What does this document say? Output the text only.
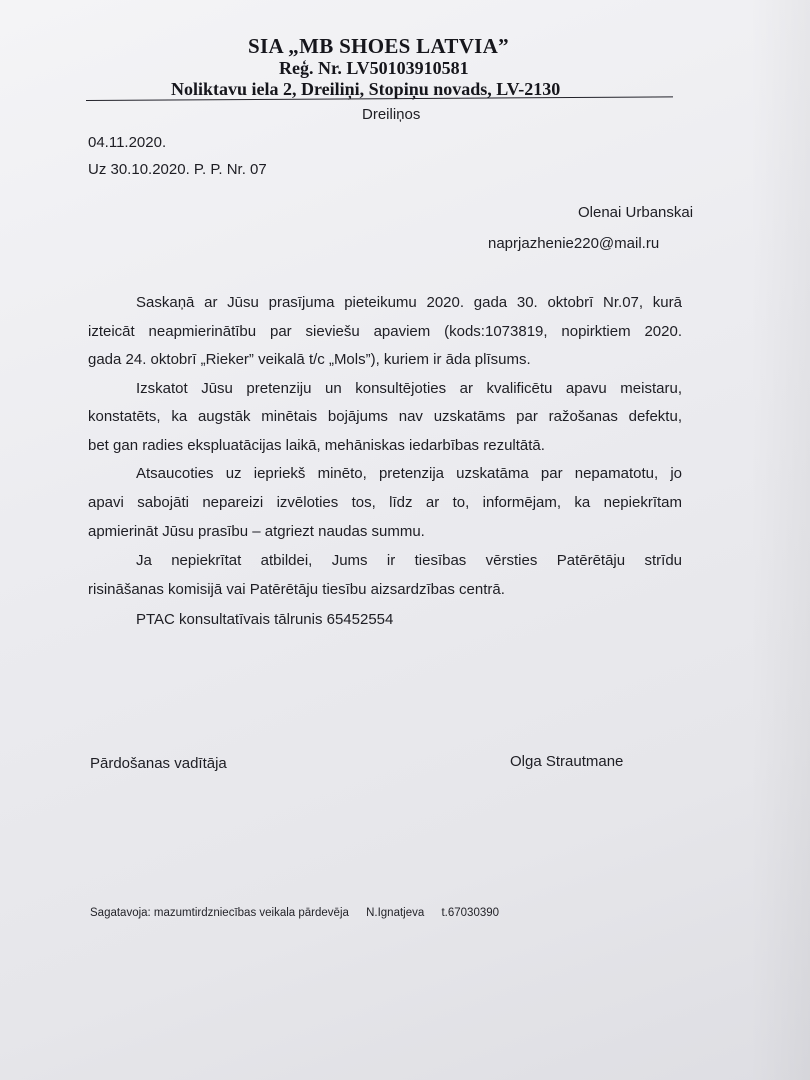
SIA „MB SHOES LATVIA”
Reģ. Nr. LV50103910581
Noliktavu iela 2, Dreiliņi, Stopiņu novads, LV-2130
Dreiliņos
04.11.2020.
Uz 30.10.2020. P. P. Nr. 07
Olenai Urbanskai
naprjazhenie220@mail.ru
Saskaņā ar Jūsu prasījuma pieteikumu 2020. gada 30. oktobrī Nr.07, kurā
izteicāt neapmierinātību par sieviešu apaviem (kods:1073819, nopirktiem 2020.
gada 24. oktobrī „Rieker” veikalā t/c „Mols”), kuriem ir āda plīsums.
Izskatot Jūsu pretenziju un konsultējoties ar kvalificētu apavu meistaru,
konstatēts, ka augstāk minētais bojājums nav uzskatāms par ražošanas defektu,
bet gan radies ekspluatācijas laikā, mehāniskas iedarbības rezultātā.
Atsaucoties uz iepriekš minēto, pretenzija uzskatāma par nepamatotu, jo
apavi sabojāti nepareizi izvēloties tos, līdz ar to, informējam, ka nepiekrītam
apmierināt Jūsu prasību – atgriezt naudas summu.
Ja nepiekrītat atbildei, Jums ir tiesības vērsties Patērētāju strīdu
risināšanas komisijā vai Patērētāju tiesību aizsardzības centrā.
PTAC konsultatīvais tālrunis 65452554
Pārdošanas vadītāja	Olga Strautmane
Sagatavoja: mazumtirdzniecības veikala pārdevēja N.Ignatjeva t.67030390
